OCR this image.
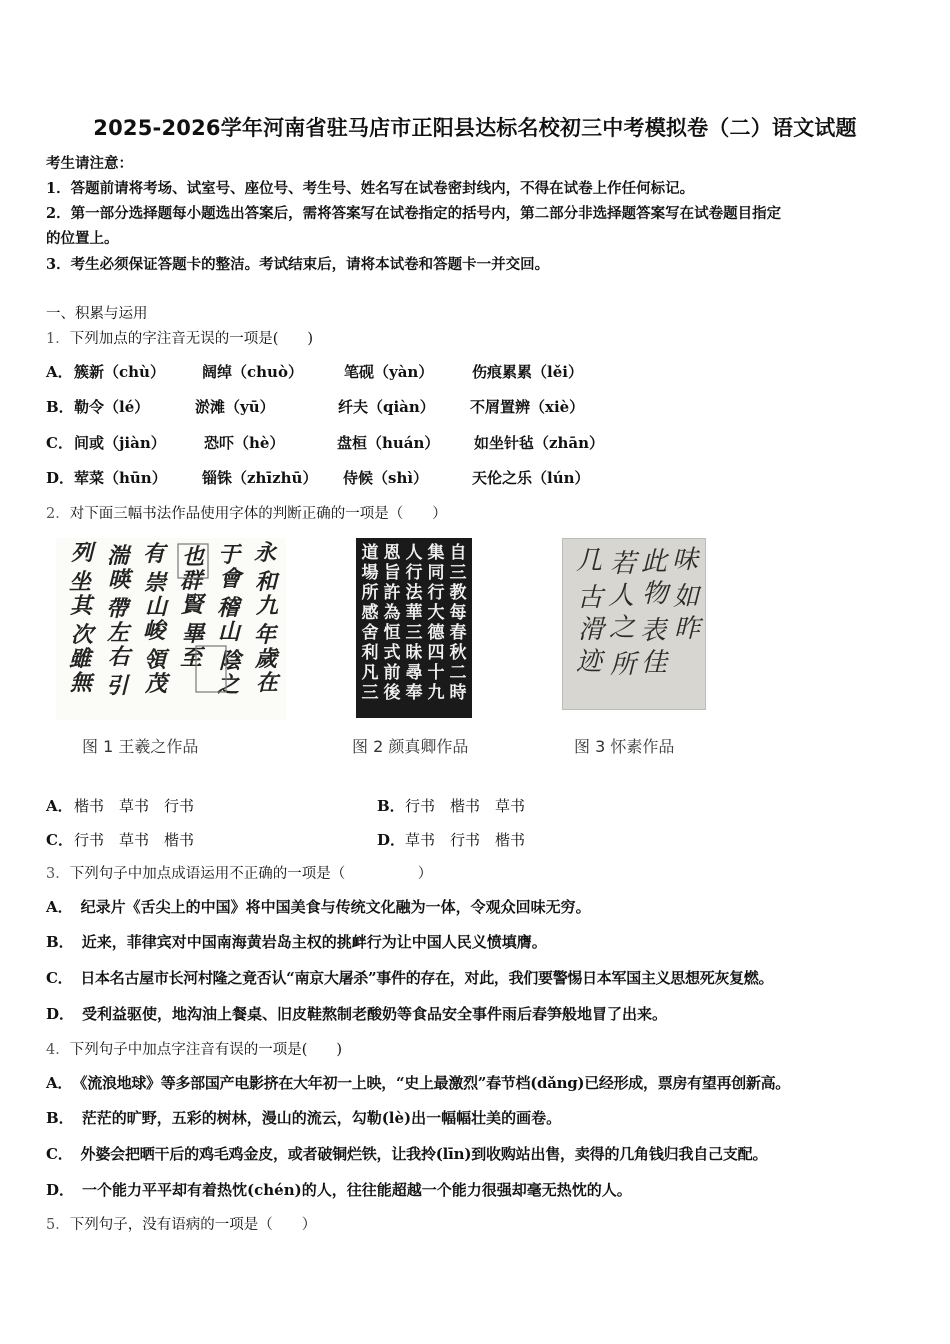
2025-2026学年河南省驻马店市正阳县达标名校初三中考模拟卷（二）语文试题
考生请注意：
1．答题前请将考场、试室号、座位号、考生号、姓名写在试卷密封线内，不得在试卷上作任何标记。
2．第一部分选择题每小题选出答案后，需将答案写在试卷指定的括号内，第二部分非选择题答案写在试卷题目指定
的位置上。
3．考生必须保证答题卡的整洁。考试结束后，请将本试卷和答题卡一并交回。
一、积累与运用
1．下列加点的字注音无误的一项是(　　)
A． 簇新（chù） 阔绰（chuò）	笔砚（yàn）	伤痕累累（lěi）
B． 勒令（lé）	淤滩（yū）	纤夫（qiàn） 不屑置辨（xiè）
C． 间或（jiàn）	恐吓（hè）	盘桓（huán） 如坐针毡（zhān）
D． 荤菜（hūn） 锱铢（zhīzhū） 侍候（shì）	天伦之乐（lún）
2．对下面三幅书法作品使用字体的判断正确的一项是（　　）
永
和
九
年
歲
在
于
會
稽
山
陰
之
也
群
賢
畢
至
有
崇
山
峻
領
茂
湍
暎
帶
左
右
引
列
坐
其
次
雖
無
自
三
教
每
春
秋
二
時
集
同
行
大
德
四
十
九
人
行
法
華
三
昧
尋
奉
恩
旨
許
為
恒
式
前
後
道
場
所
感
舍
利
凡
三
味
如
昨
此
物
表
佳
若
人
之
所
几
古
滑
迹
图 1 王羲之作品	图 2 颜真卿作品	图 3 怀素作品
A． 楷书　草书　行书	B． 行书　楷书　草书
C． 行书　草书　楷书	D． 草书　行书　楷书
3．下列句子中加点成语运用不正确的一项是（　　　　　）
A． 纪录片《舌尖上的中国》将中国美食与传统文化融为一体，令观众回味无穷。
B． 近来，菲律宾对中国南海黄岩岛主权的挑衅行为让中国人民义愤填膺。
C． 日本名古屋市长河村隆之竟否认“南京大屠杀”事件的存在，对此，我们要警惕日本军国主义思想死灰复燃。
D． 受利益驱使，地沟油上餐桌、旧皮鞋熬制老酸奶等食品安全事件雨后春笋般地冒了出来。
4．下列句子中加点字注音有误的一项是(　　)
A． 《流浪地球》等多部国产电影挤在大年初一上映，“史上最激烈”春节档(dǎng)已经形成，票房有望再创新高。
B． 茫茫的旷野，五彩的树林，漫山的流云，勾勒(lè)出一幅幅壮美的画卷。
C． 外婆会把晒干后的鸡毛鸡金皮，或者破铜烂铁，让我拎(līn)到收购站出售，卖得的几角钱归我自己支配。
D． 一个能力平平却有着热忱(chén)的人，往往能超越一个能力很强却毫无热忱的人。
5．下列句子，没有语病的一项是（　　）
